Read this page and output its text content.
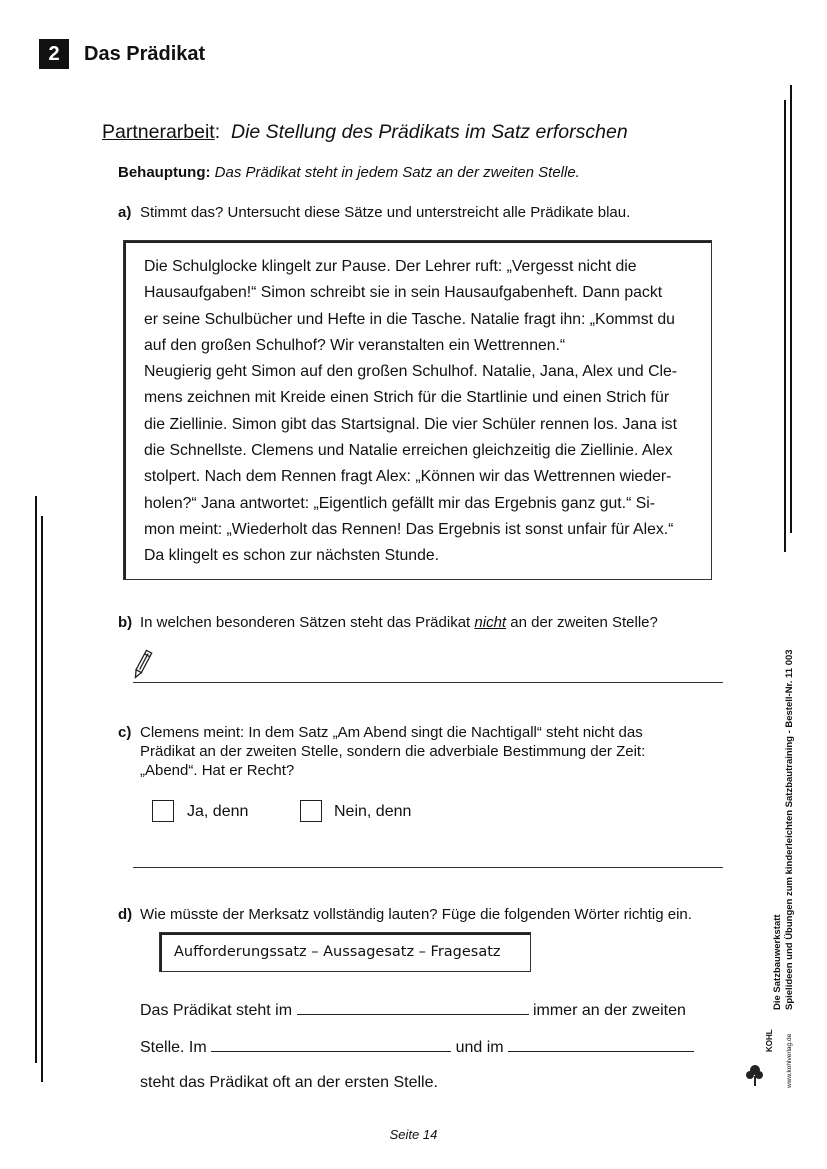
2	Das Prädikat
Partnerarbeit: Die Stellung des Prädikats im Satz erforschen
Behauptung: Das Prädikat steht in jedem Satz an der zweiten Stelle.
a) Stimmt das? Untersucht diese Sätze und unterstreicht alle Prädikate blau.

Die Schulglocke klingelt zur Pause. Der Lehrer ruft: „Vergesst nicht die
Hausaufgaben!“ Simon schreibt sie in sein Hausaufgabenheft. Dann packt
er seine Schulbücher und Hefte in die Tasche. Natalie fragt ihn: „Kommst du
auf den großen Schulhof? Wir veranstalten ein Wettrennen.“
Neugierig geht Simon auf den großen Schulhof. Natalie, Jana, Alex und Cle-
mens zeichnen mit Kreide einen Strich für die Startlinie und einen Strich für
die Ziellinie. Simon gibt das Startsignal. Die vier Schüler rennen los. Jana ist
die Schnellste. Clemens und Natalie erreichen gleichzeitig die Ziellinie. Alex
stolpert. Nach dem Rennen fragt Alex: „Können wir das Wettrennen wieder-
holen?“ Jana antwortet: „Eigentlich gefällt mir das Ergebnis ganz gut.“ Si-
mon meint: „Wiederholt das Rennen! Das Ergebnis ist sonst unfair für Alex.“
Da klingelt es schon zur nächsten Stunde.

b) In welchen besonderen Sätzen steht das Prädikat nicht an der zweiten Stelle?
c) Clemens meint: In dem Satz „Am Abend singt die Nachtigall“ steht nicht das
Prädikat an der zweiten Stelle, sondern die adverbiale Bestimmung der Zeit:
„Abend“. Hat er Recht?
Ja, denn	Nein, denn
d) Wie müsste der Merksatz vollständig lauten? Füge die folgenden Wörter richtig ein.
Aufforderungssatz – Aussagesatz – Fragesatz
Das Prädikat steht im	immer an der zweiten
Stelle. Im	und im
steht das Prädikat oft an der ersten Stelle.
Seite 14
Die Satzbauwerkstatt Spielideen und Übungen zum kinderleichten Satzbautraining - Bestell-Nr. 11 003
KOHL www.kohlverlag.de
